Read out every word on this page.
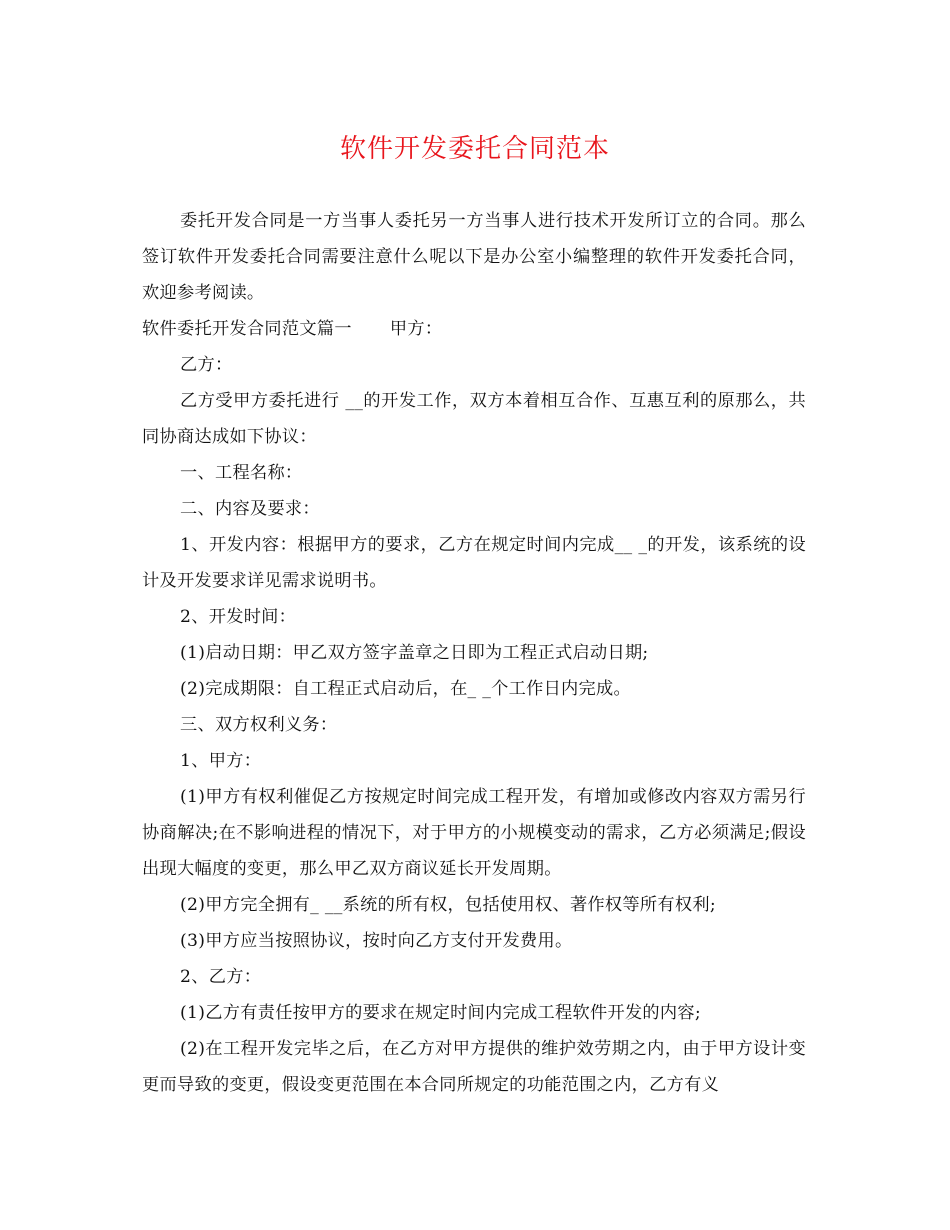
软件开发委托合同范本

委托开发合同是一方当事人委托另一方当事人进行技术开发所订立的合同。那么签订软件开发委托合同需要注意什么呢以下是办公室小编整理的软件开发委托合同，欢迎参考阅读。

软件委托开发合同范文篇一 甲方：

乙方：

乙方受甲方委托进行 __的开发工作，双方本着相互合作、互惠互利的原那么，共同协商达成如下协议：

一、工程名称：

二、内容及要求：

1、开发内容：根据甲方的要求，乙方在规定时间内完成__ _的开发，该系统的设计及开发要求详见需求说明书。

2、开发时间：

(1)启动日期：甲乙双方签字盖章之日即为工程正式启动日期;

(2)完成期限：自工程正式启动后，在_ _个工作日内完成。

三、双方权利义务：

1、甲方：

(1)甲方有权利催促乙方按规定时间完成工程开发，有增加或修改内容双方需另行协商解决;在不影响进程的情况下，对于甲方的小规模变动的需求，乙方必须满足;假设出现大幅度的变更，那么甲乙双方商议延长开发周期。

(2)甲方完全拥有_ __系统的所有权，包括使用权、著作权等所有权利;

(3)甲方应当按照协议，按时向乙方支付开发费用。

2、乙方：

(1)乙方有责任按甲方的要求在规定时间内完成工程软件开发的内容;

(2)在工程开发完毕之后，在乙方对甲方提供的维护效劳期之内，由于甲方设计变更而导致的变更，假设变更范围在本合同所规定的功能范围之内，乙方有义
